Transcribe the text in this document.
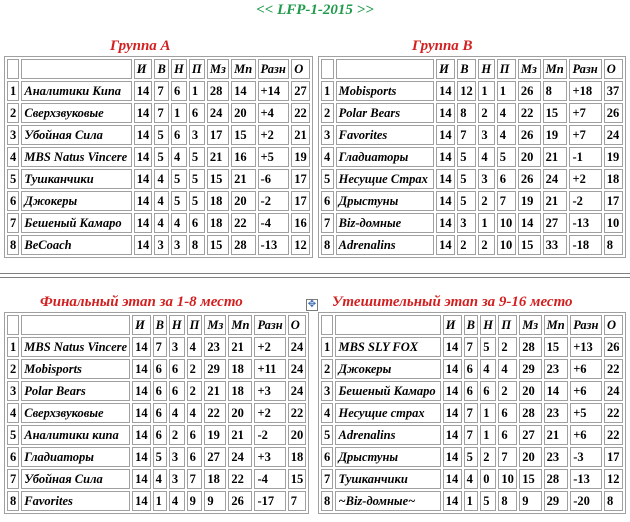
<< LFP-1-2015 >>
Группа А	Группа В
		И	В	Н	П	Мз	Мп	Разн	О
1	Аналитики Кипа	14	7	6	1	28	14	+14	27
2	Сверхзвуковые	14	7	1	6	24	20	+4	22
3	Убойная Сила	14	5	6	3	17	15	+2	21
4	MBS Natus Vincere	14	5	4	5	21	16	+5	19
5	Тушканчики	14	4	5	5	15	21	-6	17
6	Джокеры	14	4	5	5	18	20	-2	17
7	Бешеный Камаро	14	4	4	6	18	22	-4	16
8	BeCoach	14	3	3	8	15	28	-13	12
		И	В	Н	П	Мз	Мп	Разн	О
1	Mobisports	14	12	1	1	26	8	+18	37
2	Polar Bears	14	8	2	4	22	15	+7	26
3	Favorites	14	7	3	4	26	19	+7	24
4	Гладиаторы	14	5	4	5	20	21	-1	19
5	Несущие Страх	14	5	3	6	26	24	+2	18
6	Дрыстуны	14	5	2	7	19	21	-2	17
7	Biz-домные	14	3	1	10	14	27	-13	10
8	Adrenalins	14	2	2	10	15	33	-18	8
Финальный этап за 1-8 место	Утешительный этап за 9-16 место
✥
		И	В	Н	П	Мз	Мп	Разн	О
1	MBS Natus Vincere	14	7	3	4	23	21	+2	24
2	Mobisports	14	6	6	2	29	18	+11	24
3	Polar Bears	14	6	6	2	21	18	+3	24
4	Сверхзвуковые	14	6	4	4	22	20	+2	22
5	Аналитики кипа	14	6	2	6	19	21	-2	20
6	Гладиаторы	14	5	3	6	27	24	+3	18
7	Убойная Сила	14	4	3	7	18	22	-4	15
8	Favorites	14	1	4	9	9	26	-17	7
		И	В	Н	П	Мз	Мп	Разн	О
1	MBS SLY FOX	14	7	5	2	28	15	+13	26
2	Джокеры	14	6	4	4	29	23	+6	22
3	Бешеный Камаро	14	6	6	2	20	14	+6	24
4	Несущие страх	14	7	1	6	28	23	+5	22
5	Adrenalins	14	7	1	6	27	21	+6	22
6	Дрыстуны	14	5	2	7	20	23	-3	17
7	Тушканчики	14	4	0	10	15	28	-13	12
8	~Biz-домные~	14	1	5	8	9	29	-20	8
